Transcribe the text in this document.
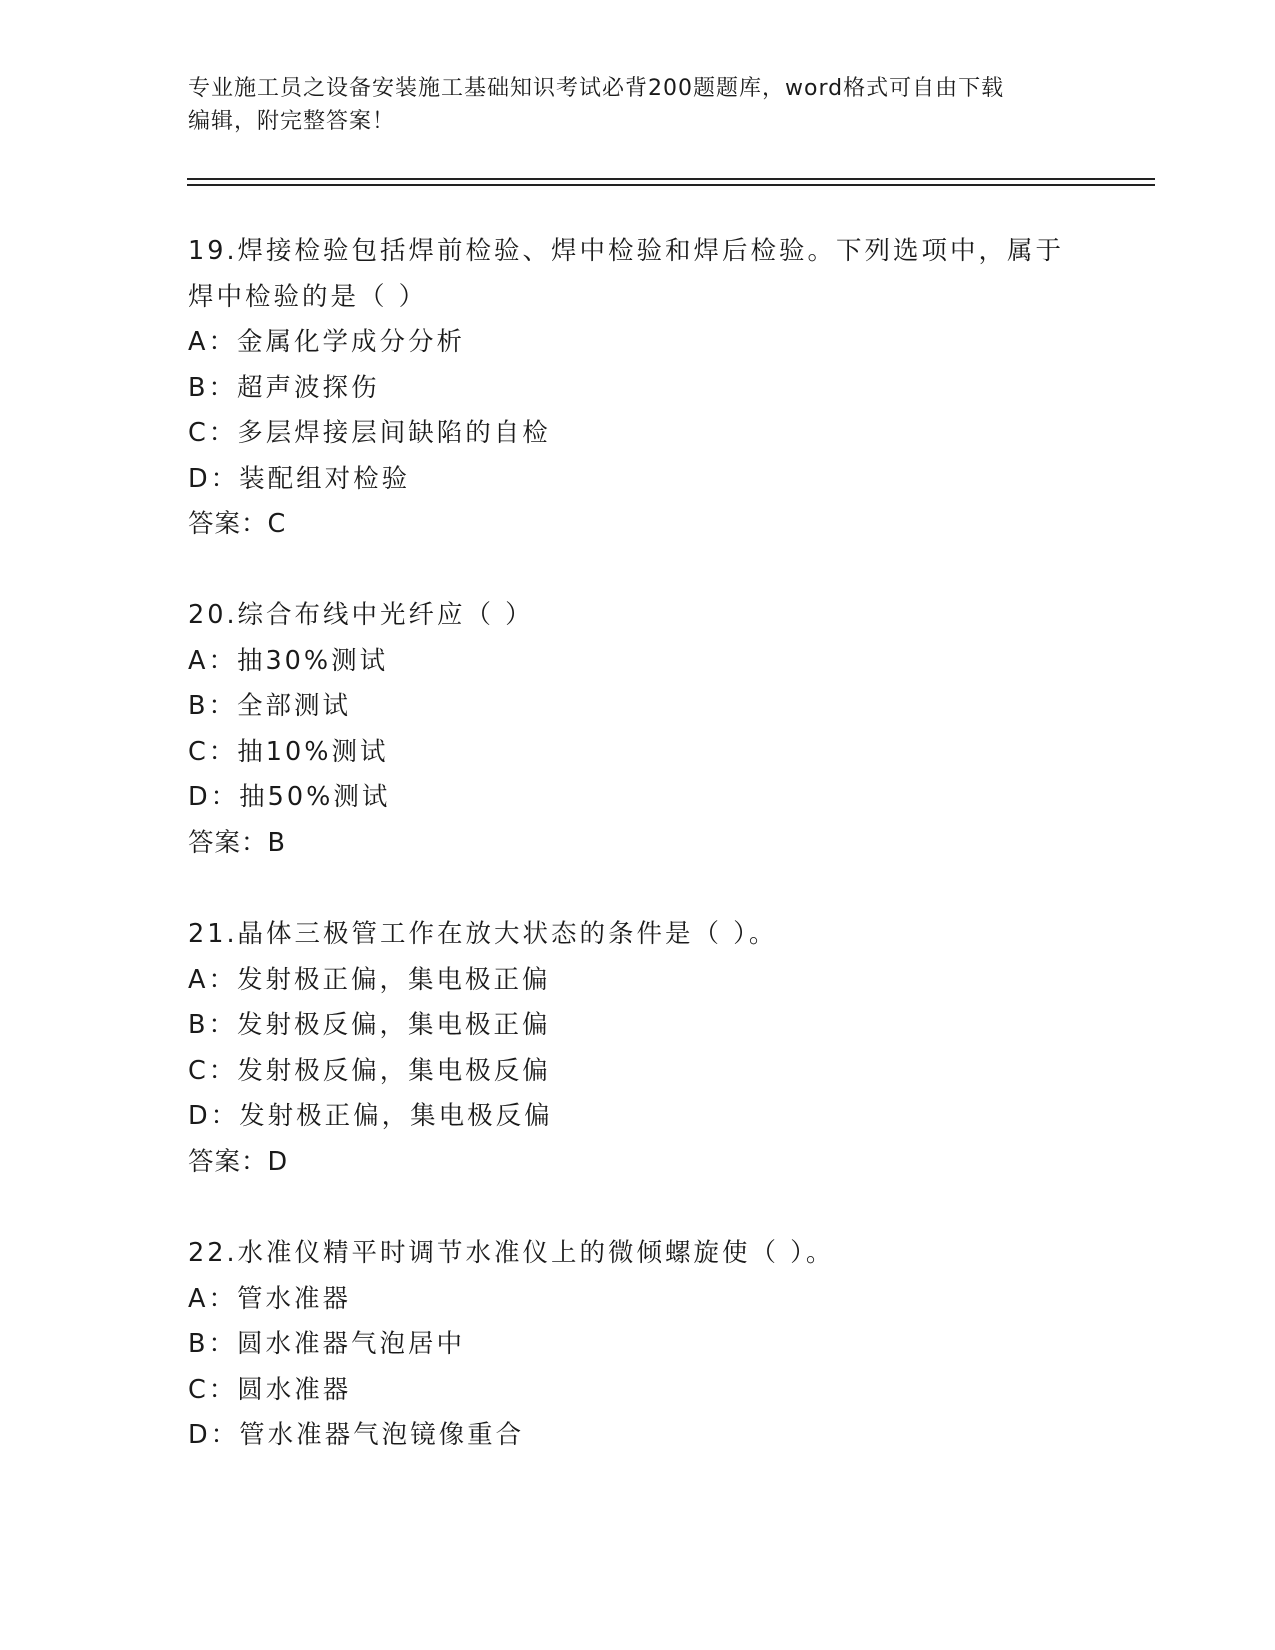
专业施工员之设备安装施工基础知识考试必背200题题库，word格式可自由下载
编辑，附完整答案！
19.焊接检验包括焊前检验、焊中检验和焊后检验。下列选项中，属于
焊中检验的是（ ）
A：金属化学成分分析
B：超声波探伤
C：多层焊接层间缺陷的自检
D：装配组对检验
答案：C
20.综合布线中光纤应（ ）
A：抽30%测试
B：全部测试
C：抽10%测试
D：抽50%测试
答案：B
21.晶体三极管工作在放大状态的条件是（ ）。
A：发射极正偏，集电极正偏
B：发射极反偏，集电极正偏
C：发射极反偏，集电极反偏
D：发射极正偏，集电极反偏
答案：D
22.水准仪精平时调节水准仪上的微倾螺旋使（ ）。
A：管水准器
B：圆水准器气泡居中
C：圆水准器
D：管水准器气泡镜像重合
